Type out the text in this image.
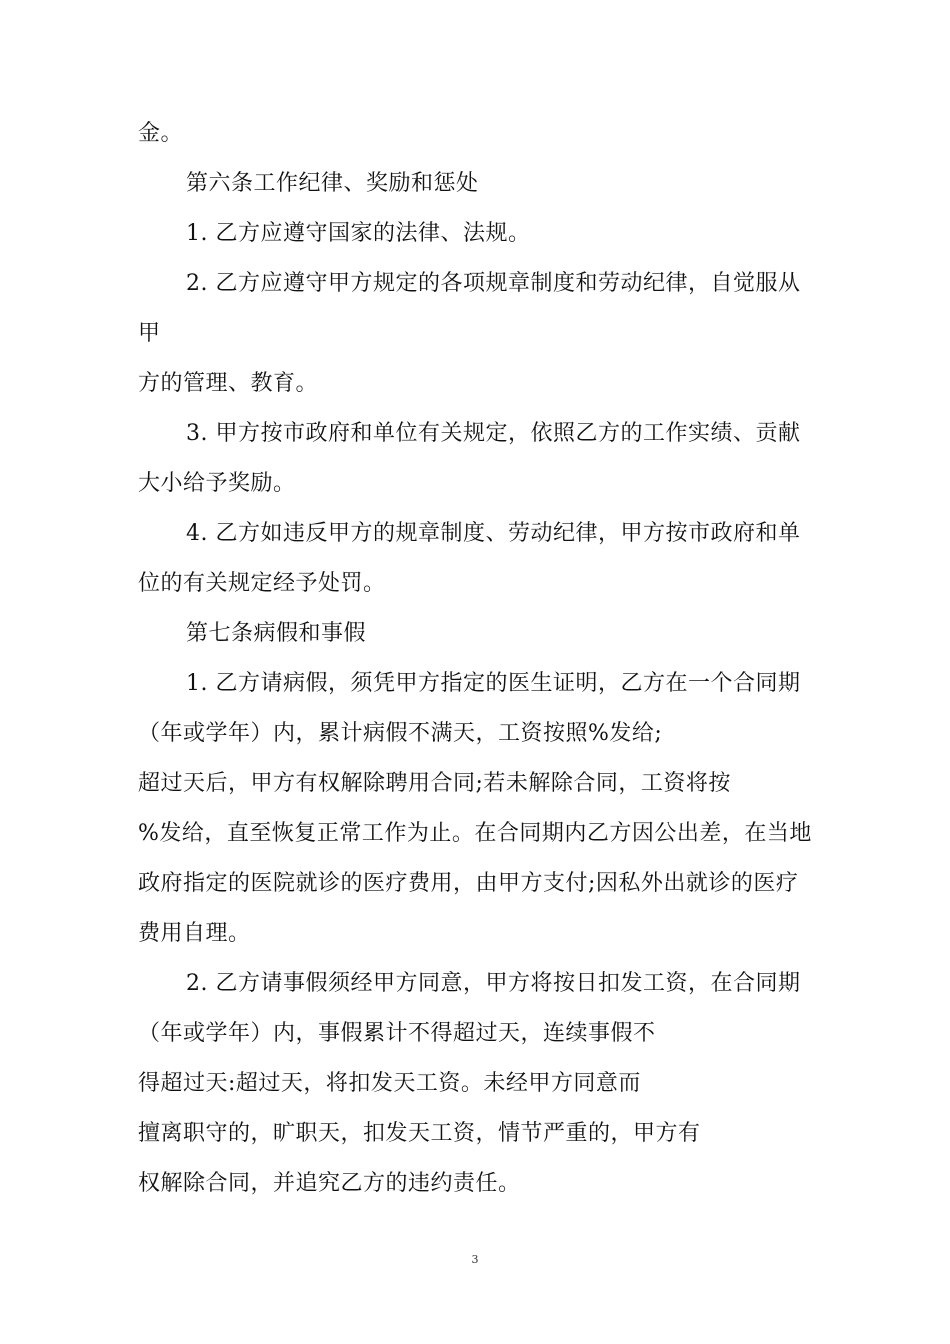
金。
第六条工作纪律、奖励和惩处
1. 乙方应遵守国家的法律、法规。
2. 乙方应遵守甲方规定的各项规章制度和劳动纪律，自觉服从
甲
方的管理、教育。
3. 甲方按市政府和单位有关规定，依照乙方的工作实绩、贡献
大小给予奖励。
4. 乙方如违反甲方的规章制度、劳动纪律，甲方按市政府和单
位的有关规定经予处罚。
第七条病假和事假
1. 乙方请病假，须凭甲方指定的医生证明，乙方在一个合同期
（年或学年）内，累计病假不满天，工资按照%发给;
超过天后，甲方有权解除聘用合同;若未解除合同，工资将按
%发给，直至恢复正常工作为止。在合同期内乙方因公出差，在当地
政府指定的医院就诊的医疗费用，由甲方支付;因私外出就诊的医疗
费用自理。
2. 乙方请事假须经甲方同意，甲方将按日扣发工资，在合同期
（年或学年）内，事假累计不得超过天，连续事假不
得超过天:超过天，将扣发天工资。未经甲方同意而
擅离职守的，旷职天，扣发天工资，情节严重的，甲方有
权解除合同，并追究乙方的违约责任。
3
